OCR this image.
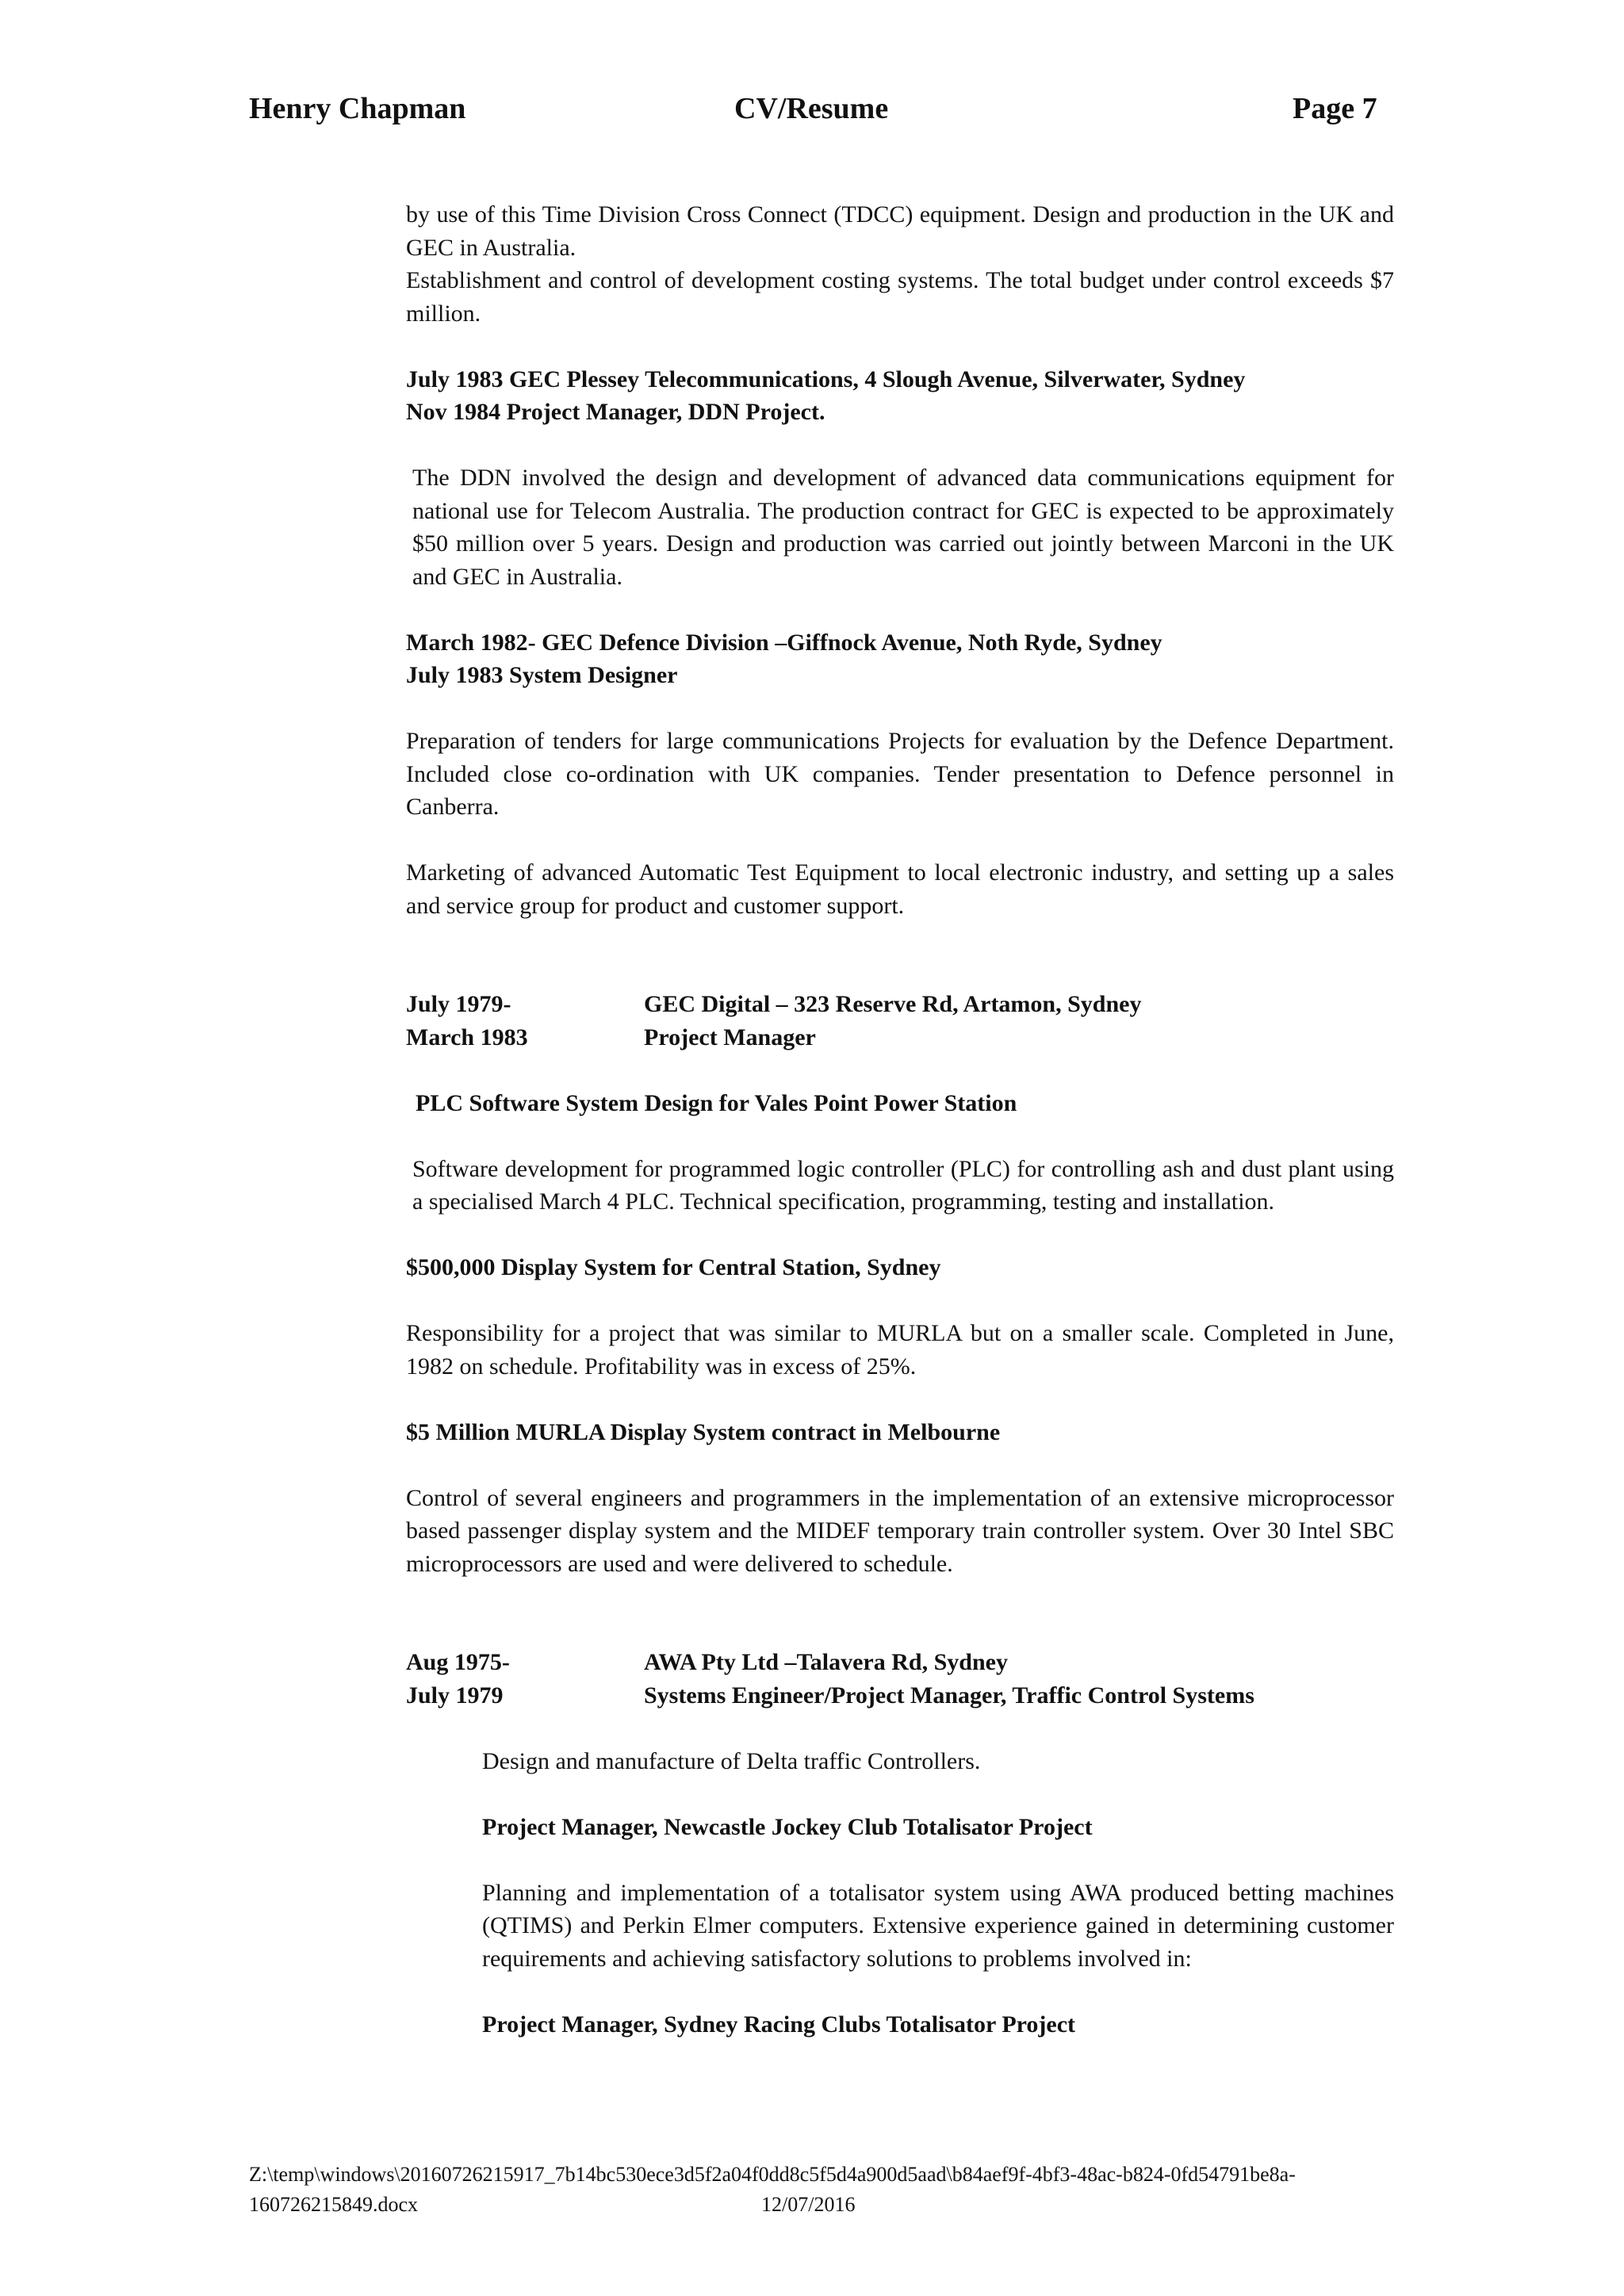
Henry Chapman	CV/Resume	Page 7

by use of this Time Division Cross Connect (TDCC) equipment. Design and production in the UK and GEC in Australia.

Establishment and control of development costing systems. The total budget under control exceeds $7 million.

July 1983 GEC Plessey Telecommunications, 4 Slough Avenue, Silverwater, Sydney

Nov 1984 Project Manager, DDN Project.

The DDN involved the design and development of advanced data communications equipment for national use for Telecom Australia. The production contract for GEC is expected to be approximately $50 million over 5 years. Design and production was carried out jointly between Marconi in the UK and GEC in Australia.

March 1982- GEC Defence Division –Giffnock Avenue, Noth Ryde, Sydney

July 1983 System Designer

Preparation of tenders for large communications Projects for evaluation by the Defence Department. Included close co-ordination with UK companies. Tender presentation to Defence personnel in Canberra.

Marketing of advanced Automatic Test Equipment to local electronic industry, and setting up a sales and service group for product and customer support.

July 1979-	GEC Digital – 323 Reserve Rd, Artamon, Sydney
March 1983	Project Manager

PLC Software System Design for Vales Point Power Station

Software development for programmed logic controller (PLC) for controlling ash and dust plant using a specialised March 4 PLC. Technical specification, programming, testing and installation.

$500,000 Display System for Central Station, Sydney

Responsibility for a project that was similar to MURLA but on a smaller scale. Completed in June, 1982 on schedule. Profitability was in excess of 25%.

$5 Million MURLA Display System contract in Melbourne

Control of several engineers and programmers in the implementation of an extensive microprocessor based passenger display system and the MIDEF temporary train controller system. Over 30 Intel SBC microprocessors are used and were delivered to schedule.

Aug 1975-	AWA Pty Ltd –Talavera Rd, Sydney
July 1979	Systems Engineer/Project Manager, Traffic Control Systems

Design and manufacture of Delta traffic Controllers.

Project Manager, Newcastle Jockey Club Totalisator Project

Planning and implementation of a totalisator system using AWA produced betting machines (QTIMS) and Perkin Elmer computers. Extensive experience gained in determining customer requirements and achieving satisfactory solutions to problems involved in:

Project Manager, Sydney Racing Clubs Totalisator Project

Z:\temp\windows\20160726215917_7b14bc530ece3d5f2a04f0dd8c5f5d4a900d5aad\b84aef9f-4bf3-48ac-b824-0fd54791be8a-160726215849.docx	12/07/2016
